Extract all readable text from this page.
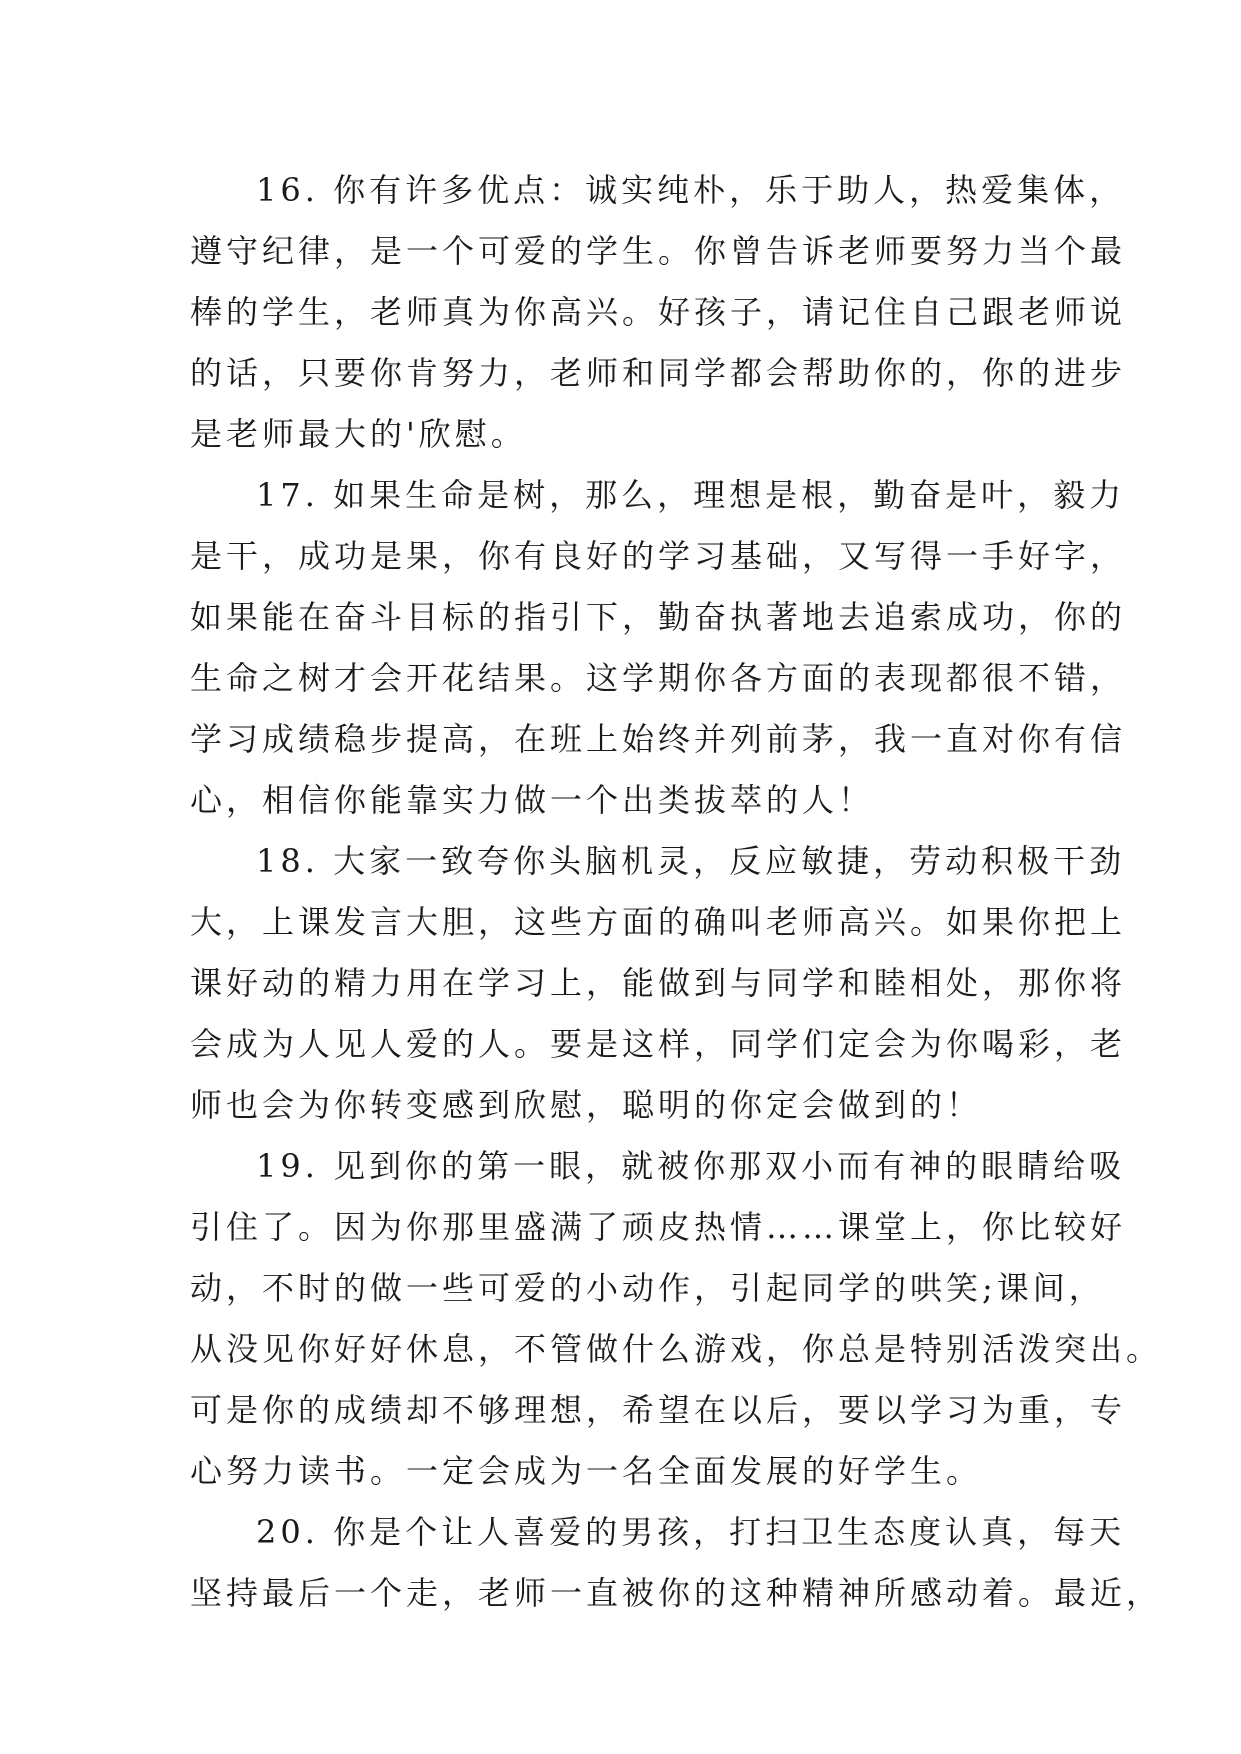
16. 你有许多优点：诚实纯朴，乐于助人，热爱集体，
遵守纪律，是一个可爱的学生。你曾告诉老师要努力当个最
棒的学生，老师真为你高兴。好孩子，请记住自己跟老师说
的话，只要你肯努力，老师和同学都会帮助你的，你的进步
是老师最大的'欣慰。

17. 如果生命是树，那么，理想是根，勤奋是叶，毅力
是干，成功是果，你有良好的学习基础，又写得一手好字，
如果能在奋斗目标的指引下，勤奋执著地去追索成功，你的
生命之树才会开花结果。这学期你各方面的表现都很不错，
学习成绩稳步提高，在班上始终并列前茅，我一直对你有信
心，相信你能靠实力做一个出类拔萃的人！

18. 大家一致夸你头脑机灵，反应敏捷，劳动积极干劲
大，上课发言大胆，这些方面的确叫老师高兴。如果你把上
课好动的精力用在学习上，能做到与同学和睦相处，那你将
会成为人见人爱的人。要是这样，同学们定会为你喝彩，老
师也会为你转变感到欣慰，聪明的你定会做到的！

19. 见到你的第一眼，就被你那双小而有神的眼睛给吸
引住了。因为你那里盛满了顽皮热情……课堂上，你比较好
动，不时的做一些可爱的小动作，引起同学的哄笑;课间，
从没见你好好休息，不管做什么游戏，你总是特别活泼突出。
可是你的成绩却不够理想，希望在以后，要以学习为重，专
心努力读书。一定会成为一名全面发展的好学生。

20. 你是个让人喜爱的男孩，打扫卫生态度认真，每天
坚持最后一个走，老师一直被你的这种精神所感动着。最近，
